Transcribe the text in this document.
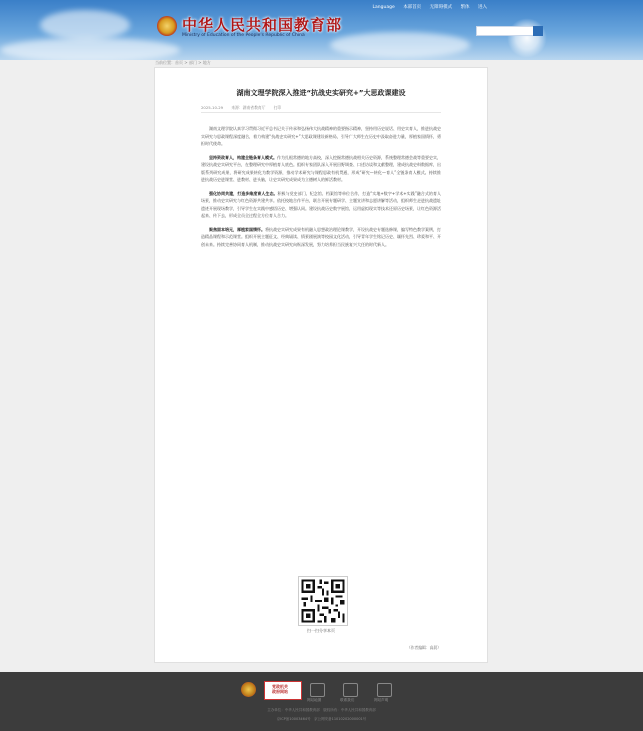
中华人民共和国教育部
Ministry of Education of the People's Republic of China
Language 本部首页 无障碍模式 繁体 进入
当前位置：首页 > 部门 > 地方
湖南文理学院深入推进“抗战史实研究+”大思政课建设
2025-10-29 来源：湖南省教育厅 打印

湖南文理学院认真学习贯彻习近平总书记关于传承和弘扬伟大抗战精神的重要指示精神，坚持用历史说话、用史实育人，推进抗战史实研究与思政课程深度融合，着力构建“抗战史实研究+”大思政课建设新格局，引导广大师生在历史中汲取奋进力量，厚植家国情怀，勇担时代使命。

坚持资政育人，构建全链条育人模式。作为扎根常德的地方高校，深入挖掘常德抗战相关历史资源，系统整理常德会战等重要史实，建设抗战史实研究平台，在整理研究中厚植育人底色。组织专家团队深入开展田野调查、口述访谈和文献整理，建成抗战史料数据库，出版系列研究成果，将研究成果转化为教学资源，推动学术研究与课程思政有机贯通，形成“研究—转化—育人”全链条育人模式。持续推进抗战历史进课堂、进教材、进头脑，让史实研究成果成为立德树人的鲜活教材。

强化协同共建，打造多维度育人生态。积极与党史部门、纪念馆、档案馆等单位合作，打造“实地+数字+学术+实践”融合式的育人场景，推动史实研究与红色资源共建共享。依托校地合作平台，联合开展专题研学、主题宣讲和志愿讲解等活动，组织师生走进抗战遗址遗迹开展现场教学，引导学生在实践中感悟历史、增强认同。建设抗战历史数字展馆，运用虚拟现实等技术还原历史场景，让红色资源活起来、传下去，形成全员全过程全方位育人合力。

聚焦固本培元，厚植家国情怀。将抗战史实研究成果有机融入思想政治理论课教学，开设抗战史专题选修课，编写特色教学案例，打造精品课程和示范课堂。组织开展主题征文、经典诵读、情景剧展演等校园文化活动，引导青年学生铭记历史、缅怀先烈、珍爱和平、开创未来。持续完善协同育人机制，推动抗战史实研究向纵深发展，努力培养担当民族复兴大任的时代新人。

扫一扫分享本页
（作者编辑：高晨）
党政机关
政府网站
网站地图	联系我们	网站声明
主办单位：中华人民共和国教育部　版权所有：中华人民共和国教育部
京ICP备10003464号　京公网安备11010202000001号
